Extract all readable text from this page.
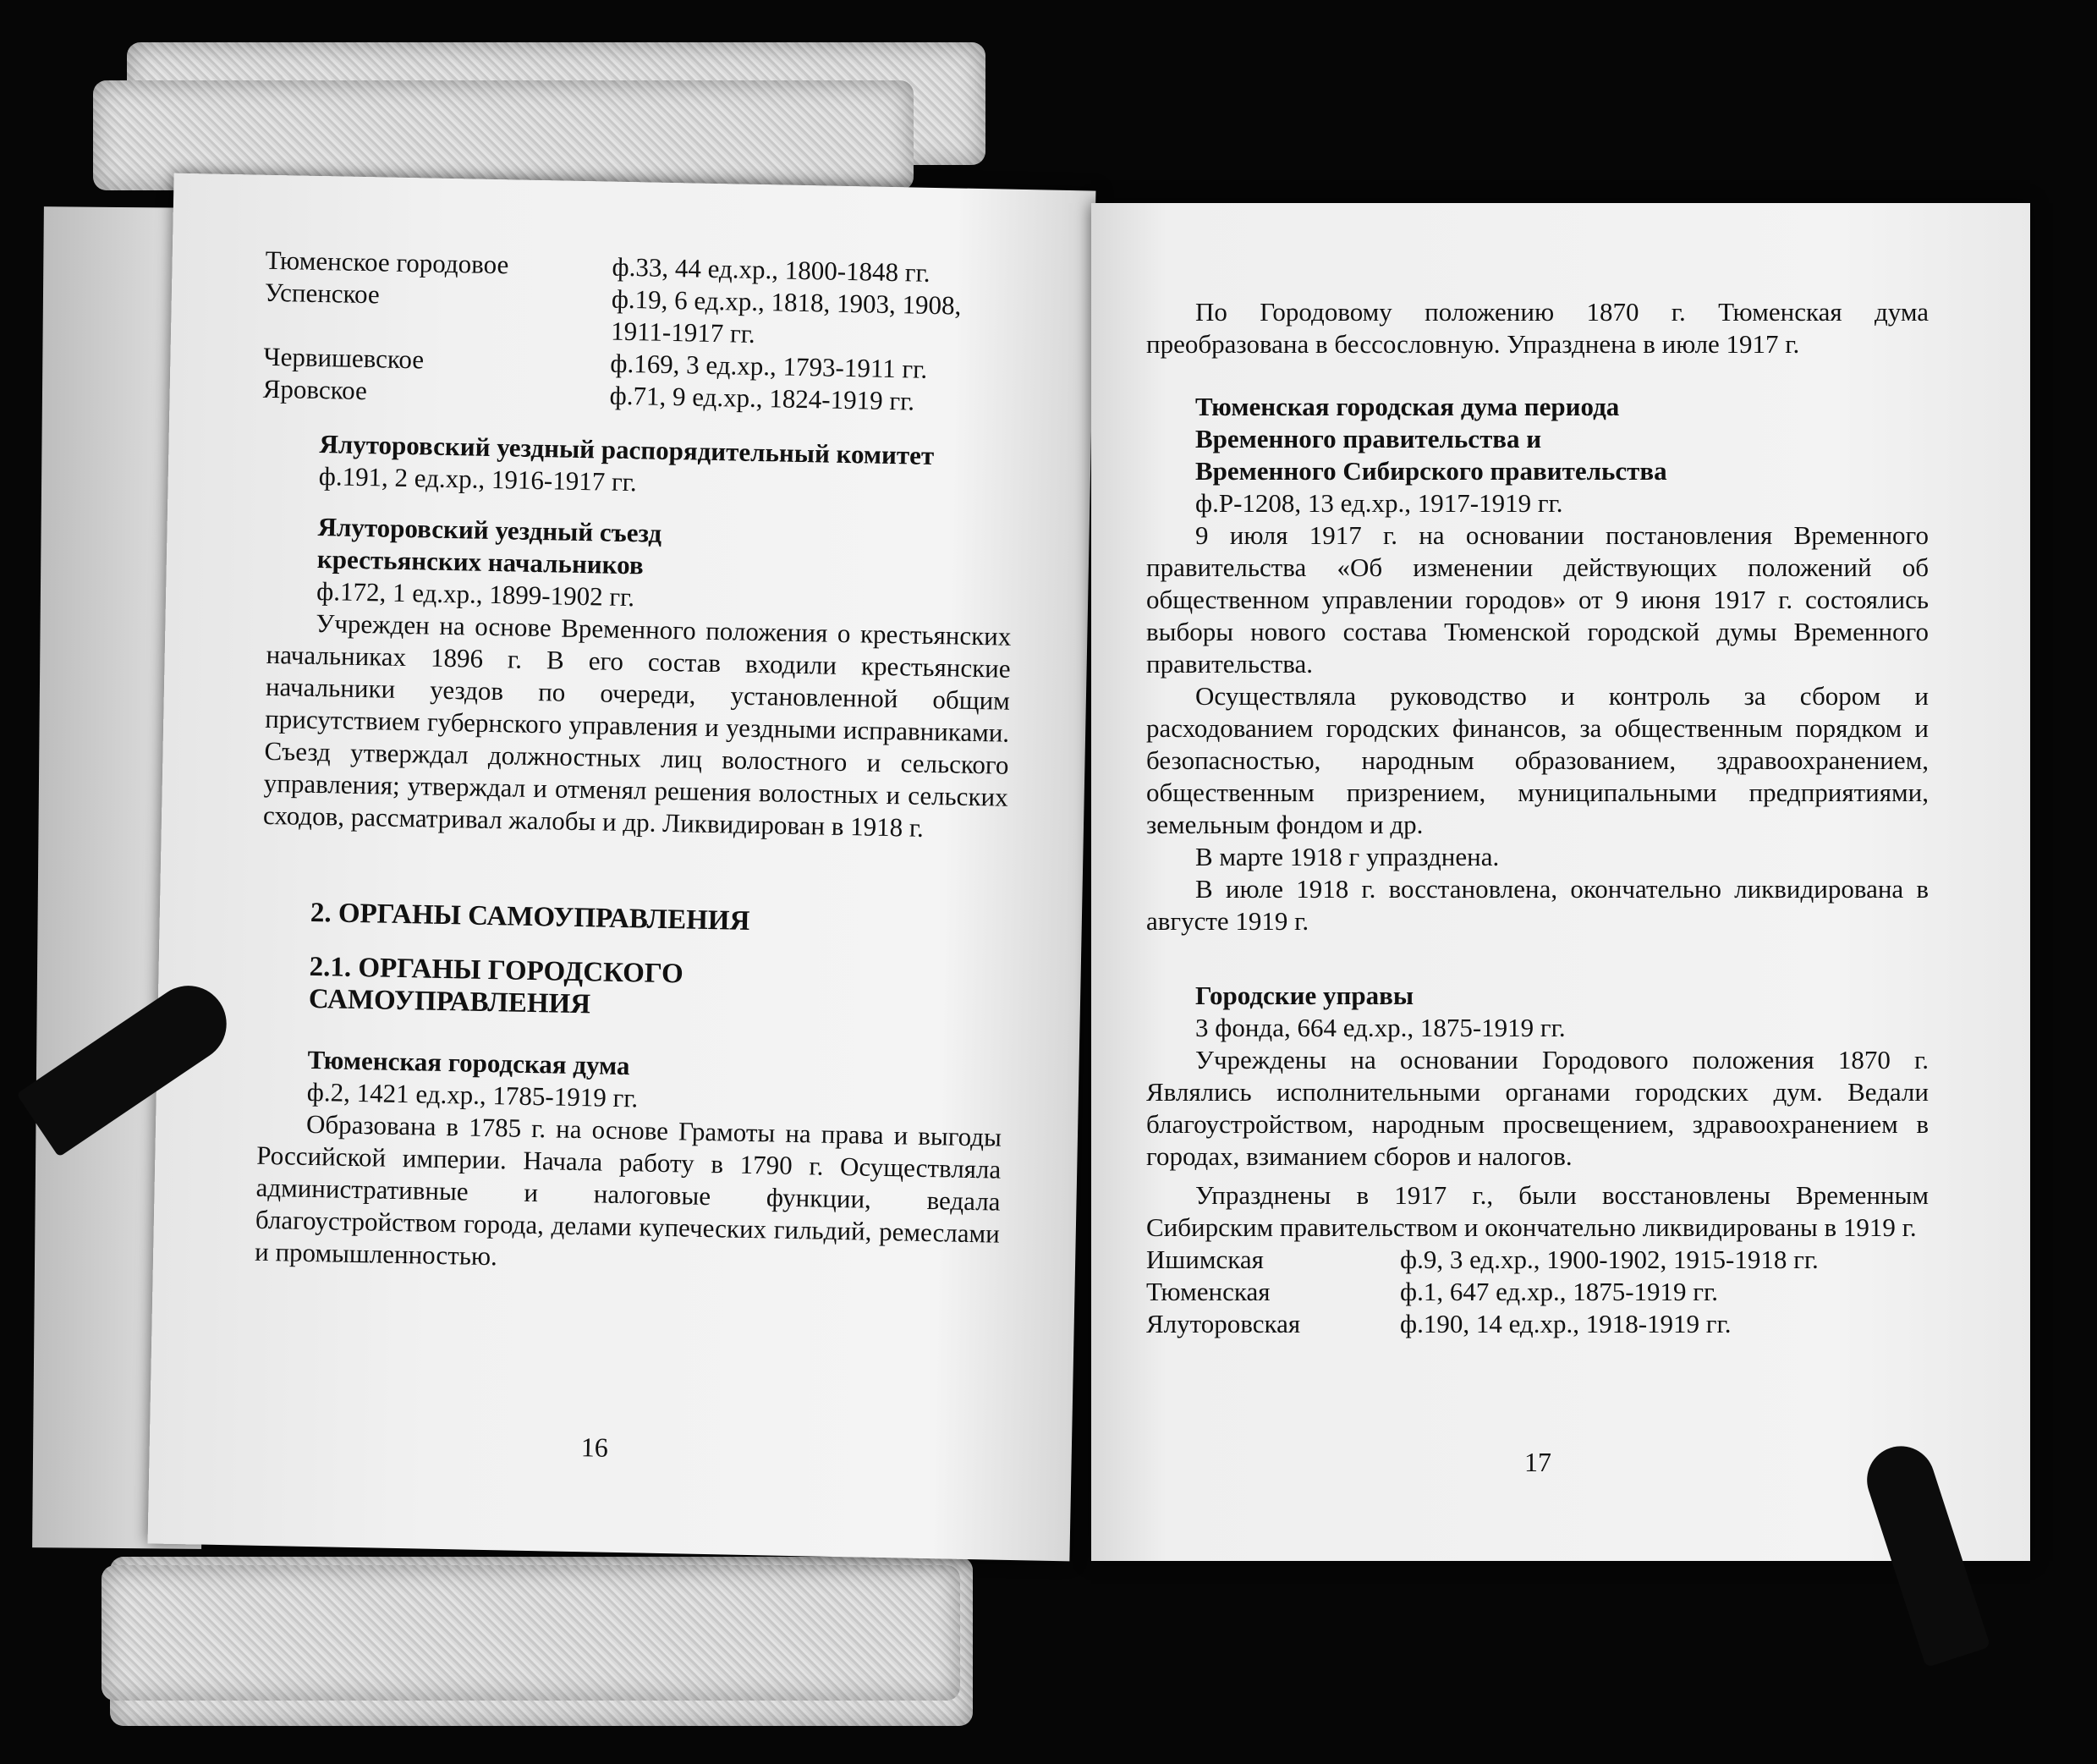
Тюменское городовое	ф.33, 44 ед.хр., 1800-1848 гг.
Успенское	ф.19, 6 ед.хр., 1818, 1903, 1908,
1911-1917 гг.
Червишевское	ф.169, 3 ед.хр., 1793-1911 гг.
Яровское	ф.71, 9 ед.хр., 1824-1919 гг.

Ялуторовский уездный распорядительный комитет

ф.191, 2 ед.хр., 1916-1917 гг.

Ялуторовский уездный съезд

крестьянских начальников

ф.172, 1 ед.хр., 1899-1902 гг.

Учрежден на основе Временного положения о крестьянских начальниках 1896 г. В его состав входили крестьянские начальники уездов по очереди, установленной общим присутствием губернского управления и уездными исправниками. Съезд утверждал должностных лиц волостного и сельского управления; утверждал и отменял решения волостных и сельских сходов, рассматривал жалобы и др. Ликвидирован в 1918 г.

2. ОРГАНЫ САМОУПРАВЛЕНИЯ

2.1. ОРГАНЫ ГОРОДСКОГО

САМОУПРАВЛЕНИЯ

Тюменская городская дума

ф.2, 1421 ед.хр., 1785-1919 гг.

Образована в 1785 г. на основе Грамоты на права и выгоды Российской империи. Начала работу в 1790 г. Осуществляла административные и налоговые функции, ведала благоустройством города, делами купеческих гильдий, ремеслами и промышленностью.

16

По Городовому положению 1870 г. Тюменская дума преобразована в бессословную. Упразднена в июле 1917 г.

Тюменская городская дума периода

Временного правительства и

Временного Сибирского правительства

ф.Р-1208, 13 ед.хр., 1917-1919 гг.

9 июля 1917 г. на основании постановления Временного правительства «Об изменении действующих положений об общественном управлении городов» от 9 июня 1917 г. состоялись выборы нового состава Тюменской городской думы Временного правительства.

Осуществляла руководство и контроль за сбором и расходованием городских финансов, за общественным порядком и безопасностью, народным образованием, здравоохранением, общественным призрением, муниципальными предприятиями, земельным фондом и др.

В марте 1918 г упразднена.

В июле 1918 г. восстановлена, окончательно ликвидирована в августе 1919 г.

Городские управы

3 фонда, 664 ед.хр., 1875-1919 гг.

Учреждены на основании Городового положения 1870 г. Являлись исполнительными органами городских дум. Ведали благоустройством, народным просвещением, здравоохранением в городах, взиманием сборов и налогов.

Упразднены в 1917 г., были восстановлены Временным Сибирским правительством и окончательно ликвидированы в 1919 г.

Ишимская	ф.9, 3 ед.хр., 1900-1902, 1915-1918 гг.
Тюменская	ф.1, 647 ед.хр., 1875-1919 гг.
Ялуторовская	ф.190, 14 ед.хр., 1918-1919 гг.
17
